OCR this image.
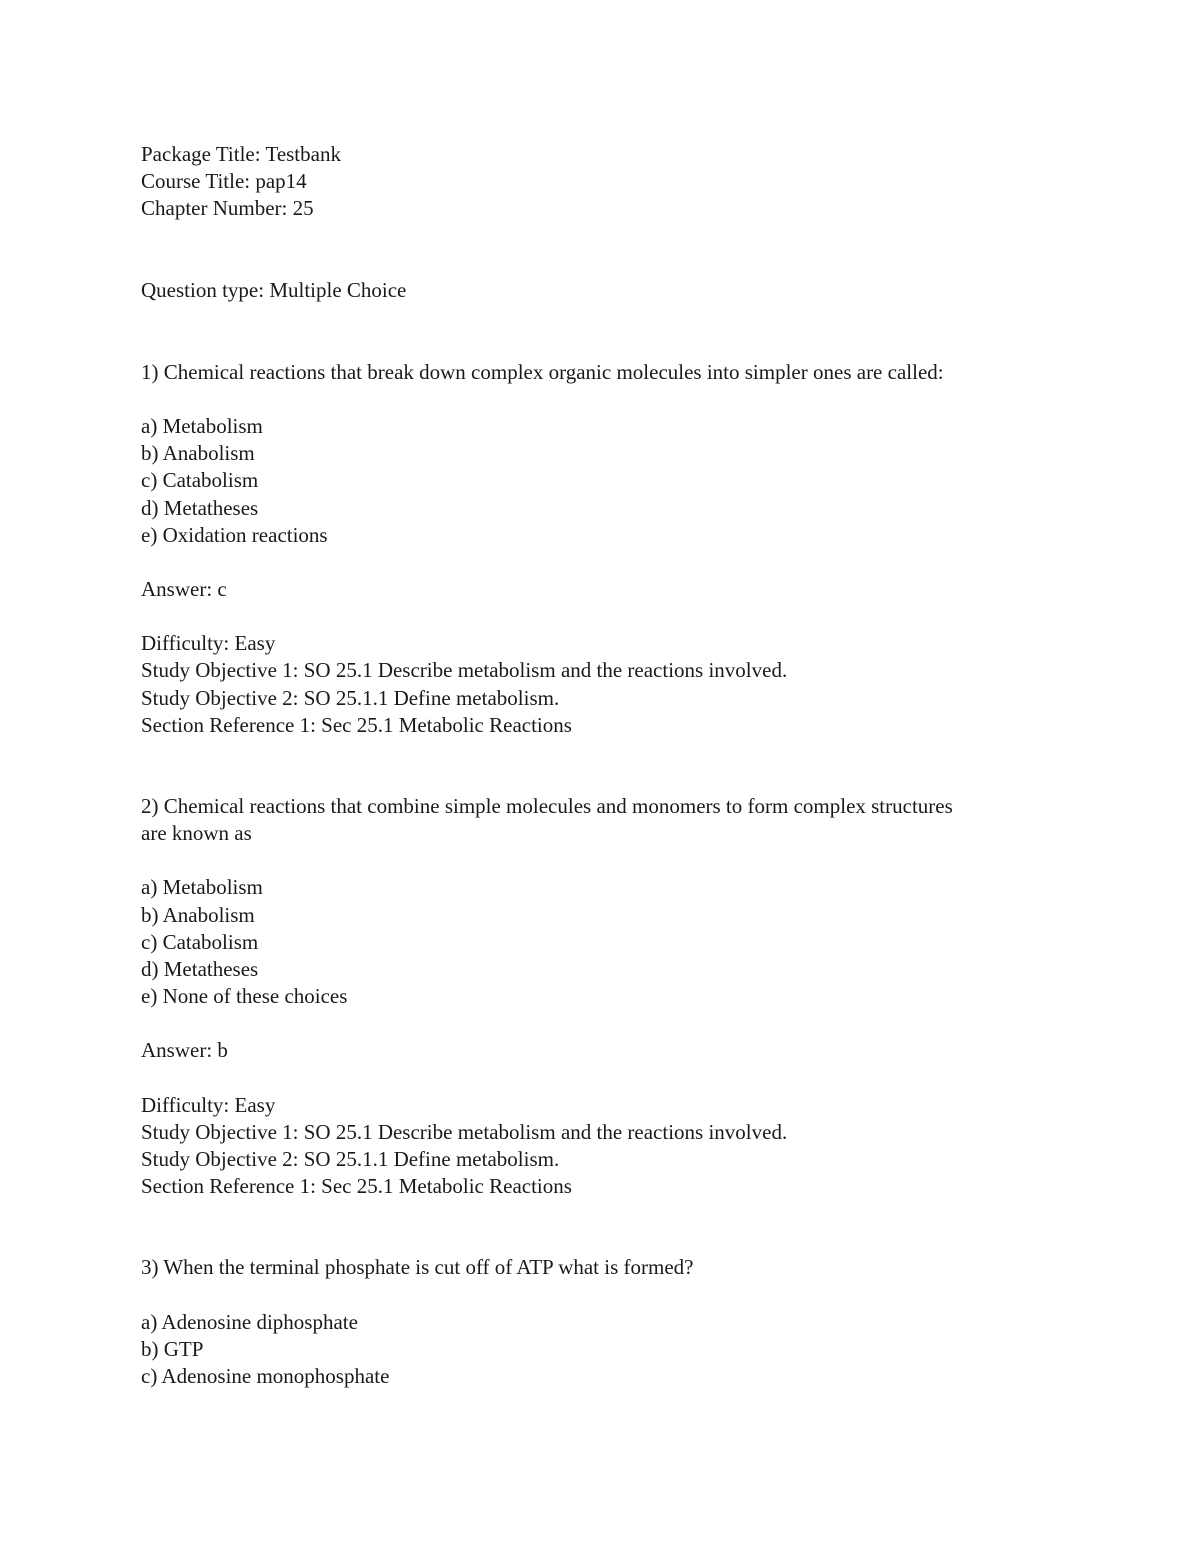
Package Title: Testbank
Course Title: pap14
Chapter Number: 25
Question type: Multiple Choice
1) Chemical reactions that break down complex organic molecules into simpler ones are called:
a) Metabolism
b) Anabolism
c) Catabolism
d) Metatheses
e) Oxidation reactions
Answer: c
Difficulty: Easy
Study Objective 1: SO 25.1 Describe metabolism and the reactions involved.
Study Objective 2: SO 25.1.1 Define metabolism.
Section Reference 1: Sec 25.1 Metabolic Reactions
2) Chemical reactions that combine simple molecules and monomers to form complex structures
are known as
a) Metabolism
b) Anabolism
c) Catabolism
d) Metatheses
e) None of these choices
Answer: b
Difficulty: Easy
Study Objective 1: SO 25.1 Describe metabolism and the reactions involved.
Study Objective 2: SO 25.1.1 Define metabolism.
Section Reference 1: Sec 25.1 Metabolic Reactions
3) When the terminal phosphate is cut off of ATP what is formed?
a) Adenosine diphosphate
b) GTP
c) Adenosine monophosphate
